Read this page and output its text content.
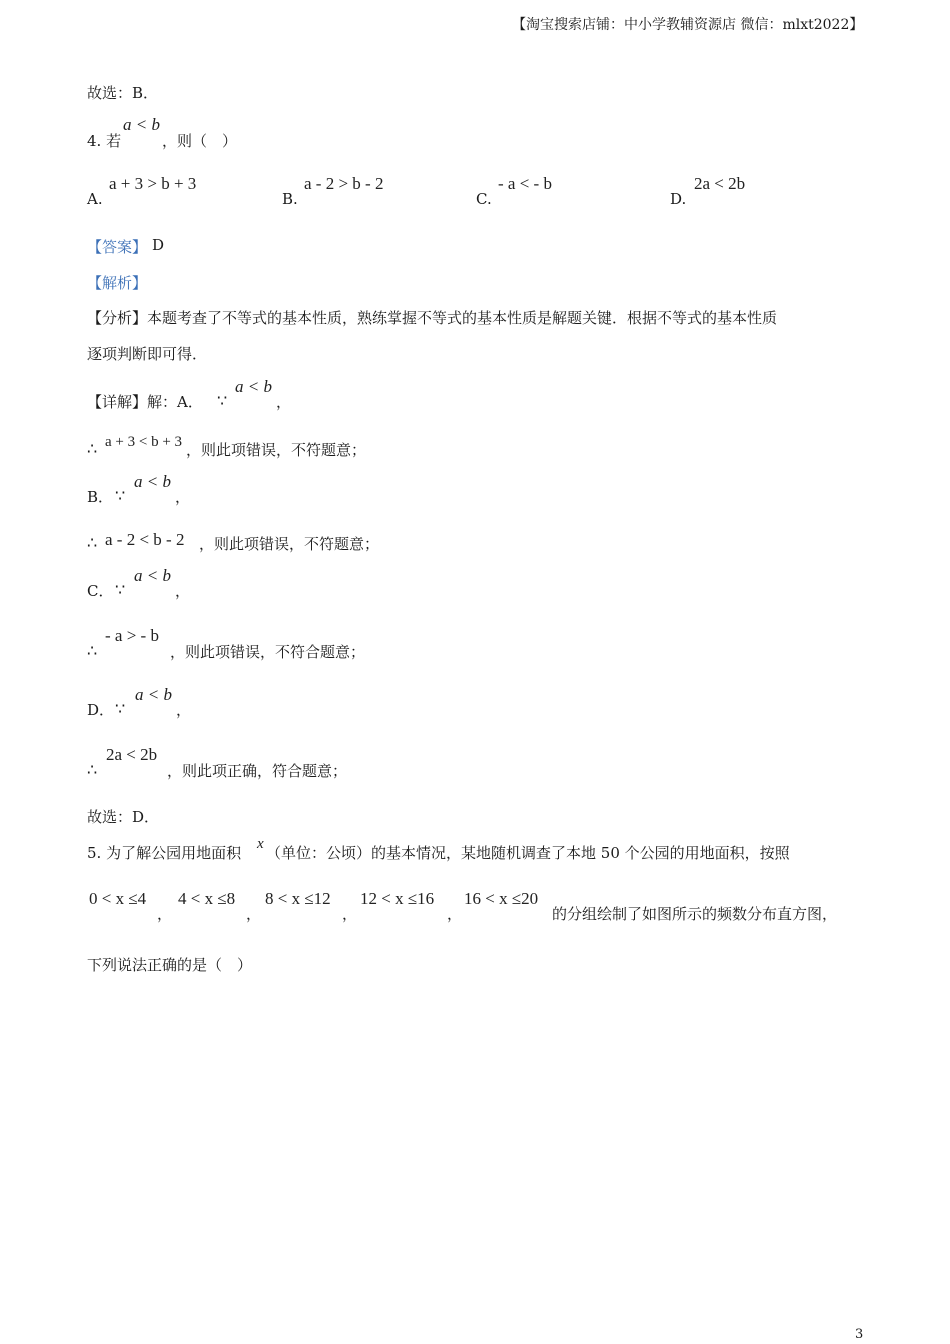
【淘宝搜索店铺：中小学教辅资源店 微信：mlxt2022】
故选：B．
4. 若
a < b
，则（　）
A.
a + 3 > b + 3
B.
a - 2 > b - 2
C.
- a < - b
D.
2a < 2b
【答案】 D
【解析】
【分析】本题考查了不等式的基本性质，熟练掌握不等式的基本性质是解题关键．根据不等式的基本性质
逐项判断即可得．
【详解】解：A． ∵
a < b
，
∴ a + 3 < b + 3 ，则此项错误，不符题意；
B． ∵
a < b
，
∴ a - 2 < b - 2 ，则此项错误，不符题意；
C． ∵
a < b
，
∴
- a > - b
，则此项错误，不符合题意；
D． ∵
a < b
，
∴
2a < 2b
，则此项正确，符合题意；
故选：D．
5. 为了解公园用地面积 x （单位：公顷）的基本情况，某地随机调查了本地 50 个公园的用地面积，按照
0 < x ≤4
，
4 < x ≤8
，
8 < x ≤12
，
12 < x ≤16
，
16 < x ≤20
的分组绘制了如图所示的频数分布直方图，
下列说法正确的是（　）
3
